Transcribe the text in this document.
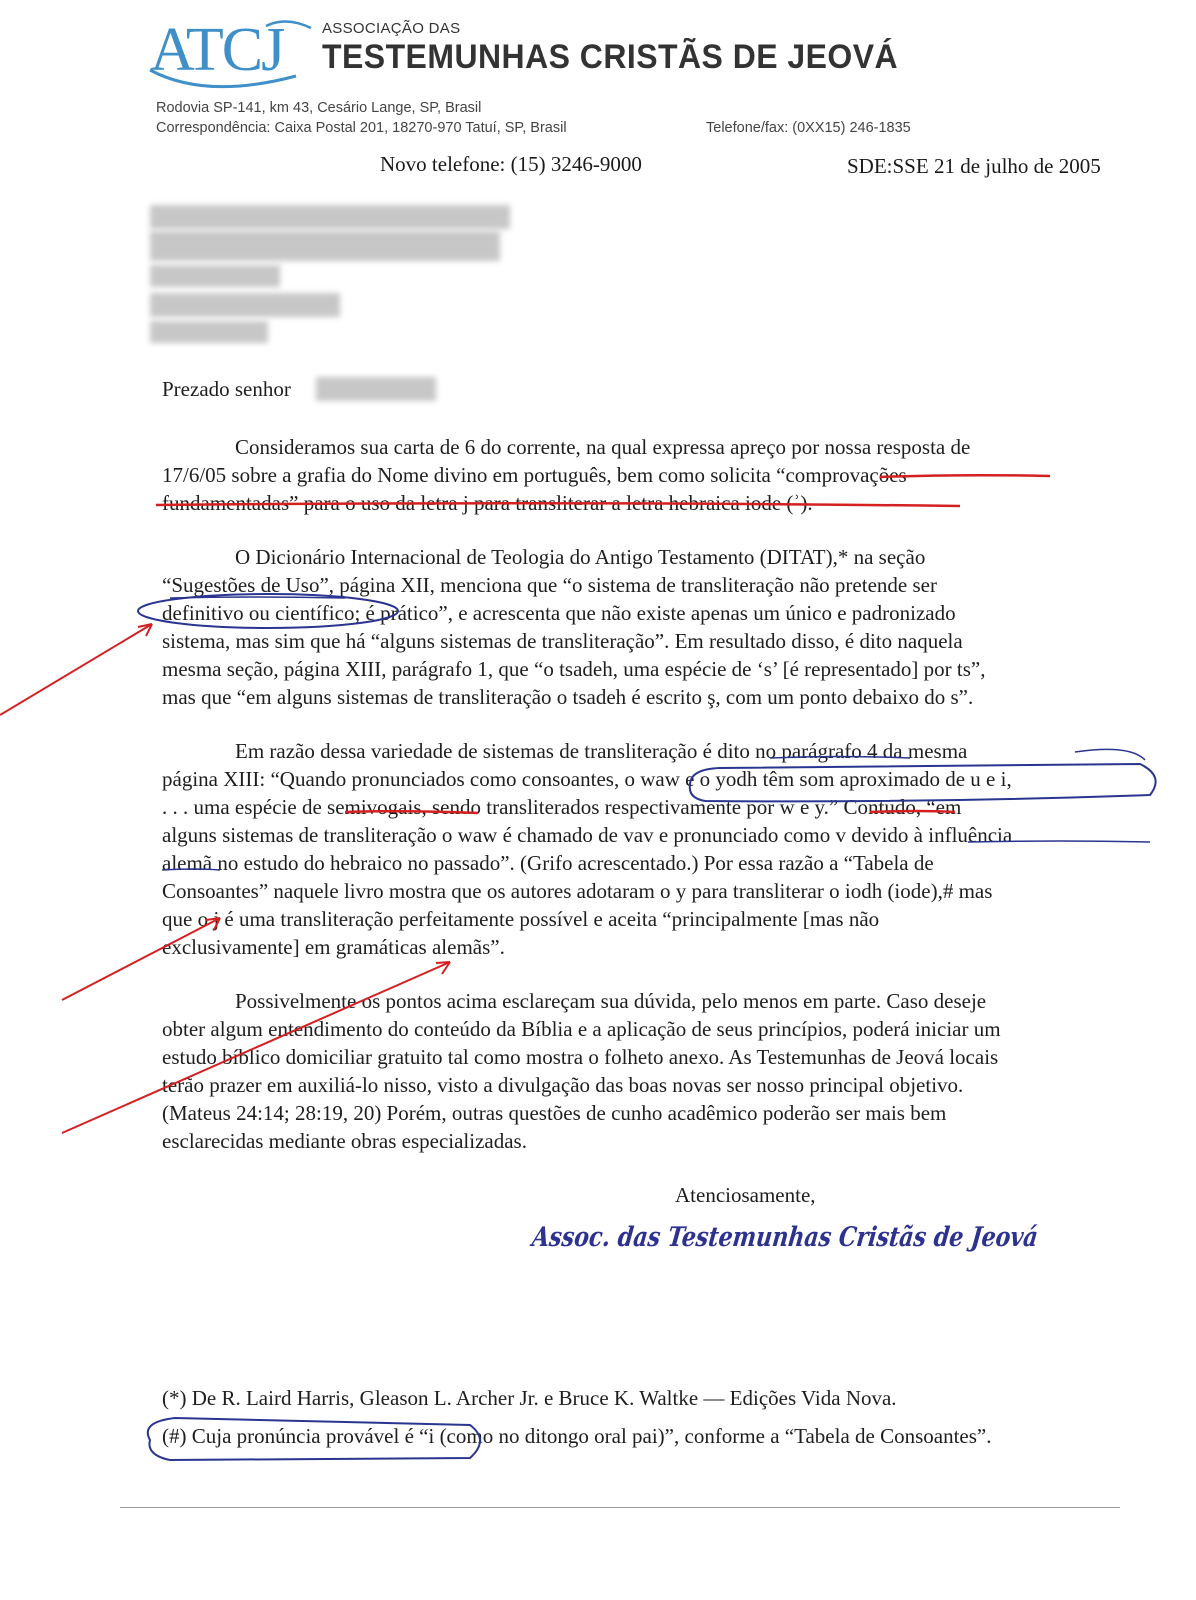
ATCJ	ASSOCIAÇÃO DAS
TESTEMUNHAS CRISTÃS DE JEOVÁ
Rodovia SP-141, km 43, Cesário Lange, SP, Brasil
Correspondência: Caixa Postal 201, 18270-970 Tatuí, SP, Brasil	Telefone/fax: (0XX15) 246-1835
Novo telefone: (15) 3246-9000	SDE:SSE 21 de julho de 2005
Prezado senhor
Consideramos sua carta de 6 do corrente, na qual expressa apreço por nossa resposta de
17/6/05 sobre a grafia do Nome divino em português, bem como solicita “comprovações
fundamentadas” para o uso da letra j para transliterar a letra hebraica iode (ʾ).
O Dicionário Internacional de Teologia do Antigo Testamento (DITAT),* na seção
“Sugestões de Uso”, página XII, menciona que “o sistema de transliteração não pretende ser
definitivo ou científico; é prático”, e acrescenta que não existe apenas um único e padronizado
sistema, mas sim que há “alguns sistemas de transliteração”. Em resultado disso, é dito naquela
mesma seção, página XIII, parágrafo 1, que “o tsadeh, uma espécie de ‘s’ [é representado] por ts”,
mas que “em alguns sistemas de transliteração o tsadeh é escrito ş, com um ponto debaixo do s”.
Em razão dessa variedade de sistemas de transliteração é dito no parágrafo 4 da mesma
página XIII: “Quando pronunciados como consoantes, o waw e o yodh têm som aproximado de u e i,
. . . uma espécie de semivogais, sendo transliterados respectivamente por w e y.” Contudo, “em
alguns sistemas de transliteração o waw é chamado de vav e pronunciado como v devido à influência
alemã no estudo do hebraico no passado”. (Grifo acrescentado.) Por essa razão a “Tabela de
Consoantes” naquele livro mostra que os autores adotaram o y para transliterar o iodh (iode),# mas
que o j é uma transliteração perfeitamente possível e aceita “principalmente [mas não
exclusivamente] em gramáticas alemãs”.
Possivelmente os pontos acima esclareçam sua dúvida, pelo menos em parte. Caso deseje
obter algum entendimento do conteúdo da Bíblia e a aplicação de seus princípios, poderá iniciar um
estudo bíblico domiciliar gratuito tal como mostra o folheto anexo. As Testemunhas de Jeová locais
terão prazer em auxiliá-lo nisso, visto a divulgação das boas novas ser nosso principal objetivo.
(Mateus 24:14; 28:19, 20) Porém, outras questões de cunho acadêmico poderão ser mais bem
esclarecidas mediante obras especializadas.
Atenciosamente,
Assoc. das Testemunhas Cristãs de Jeová
(*) De R. Laird Harris, Gleason L. Archer Jr. e Bruce K. Waltke — Edições Vida Nova.
(#) Cuja pronúncia provável é “i (como no ditongo oral pai)”, conforme a “Tabela de Consoantes”.
